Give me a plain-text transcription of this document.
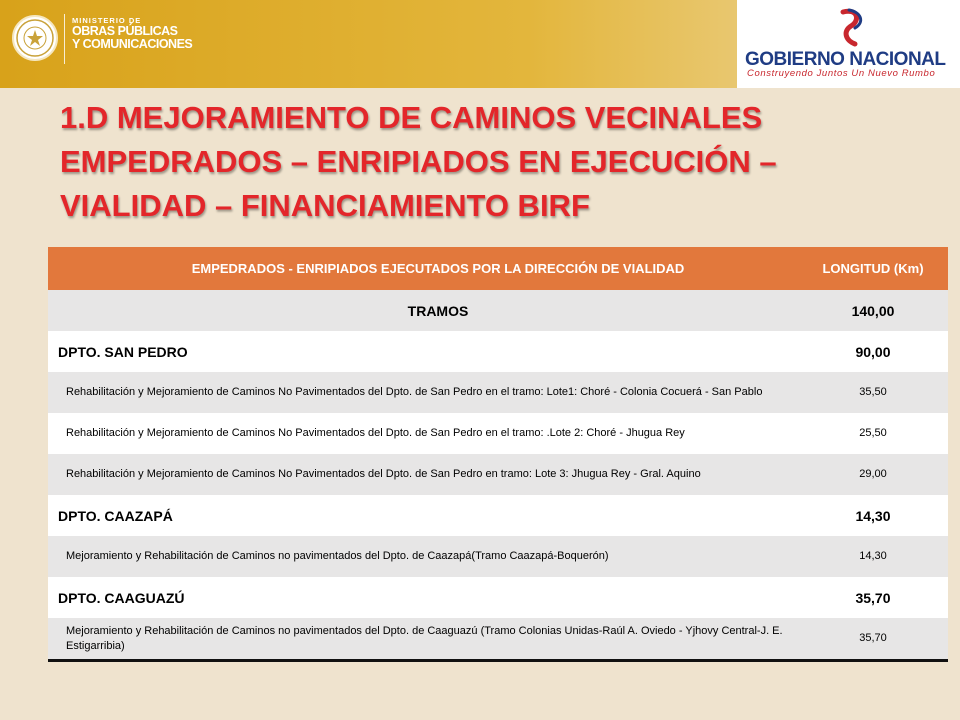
MINISTERIO DE
OBRAS PÚBLICAS
Y COMUNICACIONES
GOBIERNO NACIONAL
Construyendo Juntos Un Nuevo Rumbo
1.D MEJORAMIENTO DE CAMINOS VECINALES
EMPEDRADOS – ENRIPIADOS EN EJECUCIÓN –
VIALIDAD – FINANCIAMIENTO BIRF
EMPEDRADOS - ENRIPIADOS EJECUTADOS POR LA DIRECCIÓN DE VIALIDAD	LONGITUD (Km)
TRAMOS	140,00
DPTO. SAN PEDRO	90,00
Rehabilitación y Mejoramiento de Caminos No Pavimentados del Dpto. de San Pedro en el tramo: Lote1: Choré - Colonia Cocuerá - San Pablo	35,50
Rehabilitación y Mejoramiento de Caminos No Pavimentados del Dpto. de San Pedro en el tramo: .Lote 2: Choré - Jhugua Rey	25,50
Rehabilitación y Mejoramiento de Caminos No Pavimentados del Dpto. de San Pedro en tramo: Lote 3: Jhugua Rey - Gral. Aquino	29,00
DPTO. CAAZAPÁ	14,30
Mejoramiento y Rehabilitación de Caminos no pavimentados del Dpto. de Caazapá(Tramo Caazapá-Boquerón)	14,30
DPTO. CAAGUAZÚ	35,70
Mejoramiento y Rehabilitación de Caminos no pavimentados del Dpto. de Caaguazú (Tramo Colonias Unidas-Raúl A. Oviedo - Yjhovy Central-J. E. Estigarribia)	35,70
